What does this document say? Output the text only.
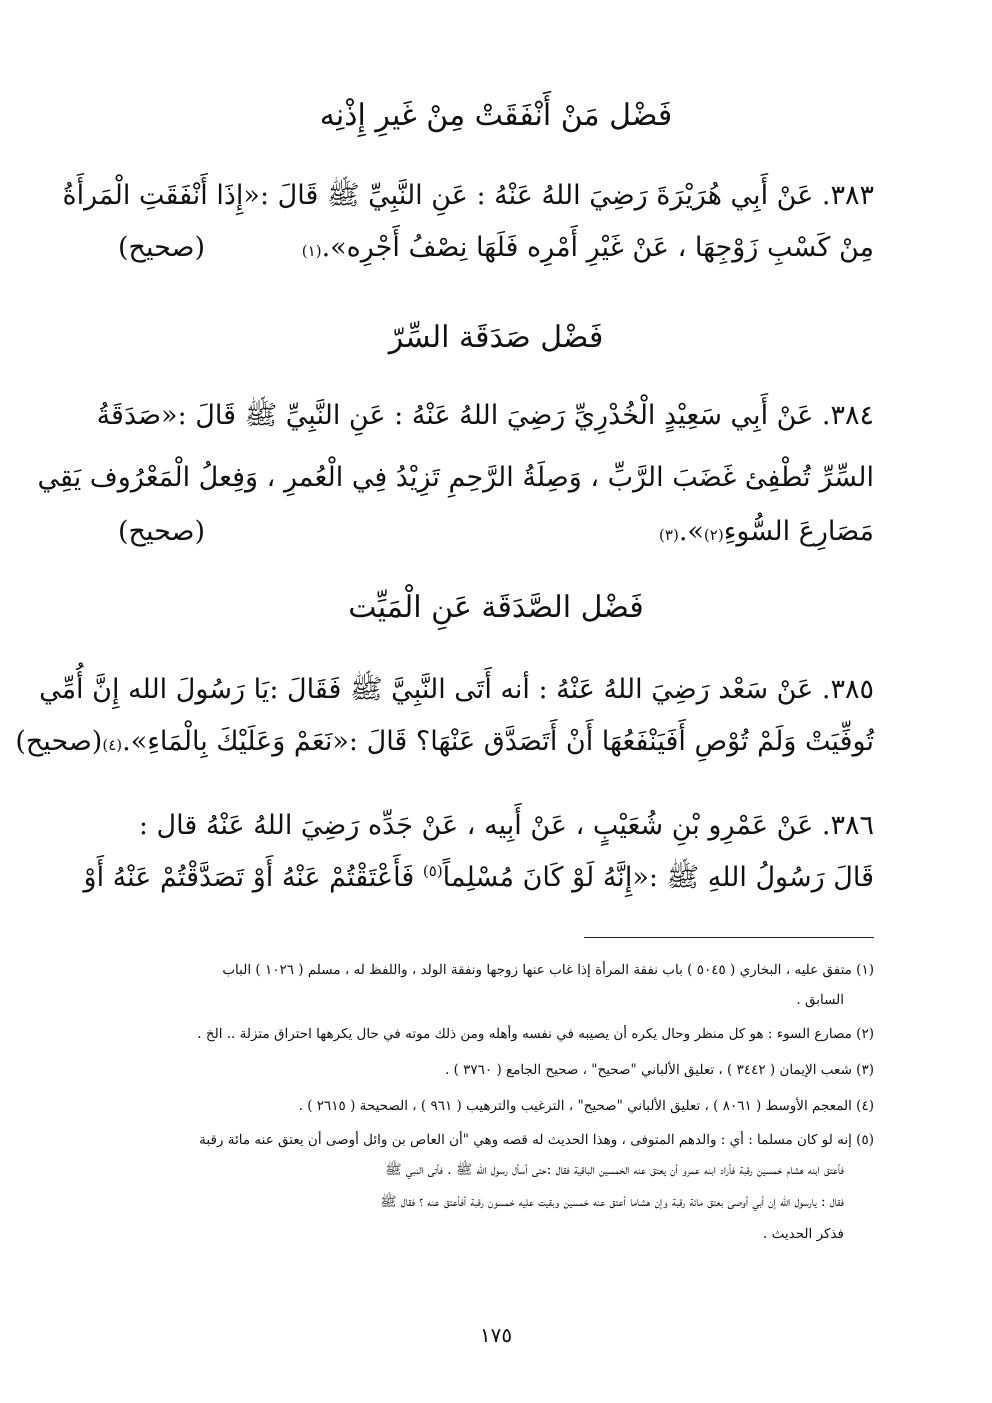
فَضْل مَنْ أَنْفَقَتْ مِنْ غَيرِ إِذْنِه
٣٨٣. عَنْ أَبِي هُرَيْرَةَ رَضِيَ اللهُ عَنْهُ : عَنِ النَّبِيِّ ﷺ قَالَ :«إِذَا أَنْفَقَتِ الْمَرأَةُ
مِنْ كَسْبِ زَوْجِهَا ، عَنْ غَيْرِ أَمْرِه فَلَهَا نِصْفُ أَجْرِه».
(١)
(صحيح)
فَضْل صَدَقَة السِّرّ
٣٨٤. عَنْ أَبِي سَعِيْدٍ الْخُدْرِيِّ رَضِيَ اللهُ عَنْهُ : عَنِ النَّبِيِّ ﷺ قَالَ :«صَدَقَةُ
السِّرِّ تُطْفِئ غَضَبَ الرَّبِّ ، وَصِلَةُ الرَّحِمِ تَزِيْدُ فِي الْعُمرِ ، وَفِعلُ الْمَعْرُوف يَقِي
مَصَارِعَ السُّوءِ
(٢)
».
(٣)
(صحيح)
فَضْل الصَّدَقَة عَنِ الْمَيِّت
٣٨٥. عَنْ سَعْد رَضِيَ اللهُ عَنْهُ : أنه أَتَى النَّبِيَّ ﷺ فَقَالَ :يَا رَسُولَ الله إِنَّ أُمِّي
تُوفِّيَتْ وَلَمْ تُوْصِ أَفَيَنْفَعُهَا أَنْ أَتَصَدَّق عَنْهَا؟ قَالَ :«نَعَمْ وَعَلَيْكَ بِالْمَاءِ».
(٤)
(صحيح)
٣٨٦. عَنْ عَمْرِو بْنِ شُعَيْبٍ ، عَنْ أَبِيه ، عَنْ جَدِّه رَضِيَ اللهُ عَنْهُ قال :
قَالَ رَسُولُ اللهِ ﷺ :«إِنَّهُ لَوْ كَانَ مُسْلِماً$^{(٥)}$ فَأَعْتَقْتُمْ عَنْهُ أَوْ تَصَدَّقْتُمْ عَنْهُ أَوْ
(١) متفق عليه ، البخاري ( ٥٠٤٥ ) باب نفقة المرأة إذا غاب عنها زوجها ونفقة الولد ، واللفظ له ، مسلم ( ١٠٢٦ ) الباب
السابق .
(٢) مصارع السوء : هو كل منظر وحال يكره أن يصيبه في نفسه وأهله ومن ذلك موته في حال يكرهها احتراق متزلة .. الخ .
(٣) شعب الإيمان ( ٣٤٤٢ ) ، تعليق الألباني "صحيح" ، صحيح الجامع ( ٣٧٦٠ ) .
(٤) المعجم الأوسط ( ٨٠٦١ ) ، تعليق الألباني "صحيح" ، الترغيب والترهيب ( ٩٦١ ) ، الصحيحة ( ٢٦١٥ ) .
(٥) إنه لو كان مسلما : أي : والدهم المتوفى ، وهذا الحديث له قصه وهي "أن العاص بن وائل أوصى أن يعتق عنه مائة رقبة
فأعتق ابنه هشام خمسين رقبة فأراد ابنه عمرو أن يعتق عنه الخمسين الباقية فقال :حتى أسأل رسول الله ﷺ . فأتى النبي ﷺ
فقال : يارسول الله إن أبي أوصى بعتق مائة رقبة وإن هشاما أعتق عنه خمسين وبقيت عليه خمسون رقبة أفأعتق عنه ؟ فقال ﷺ
فذكر الحديث .
١٧٥
